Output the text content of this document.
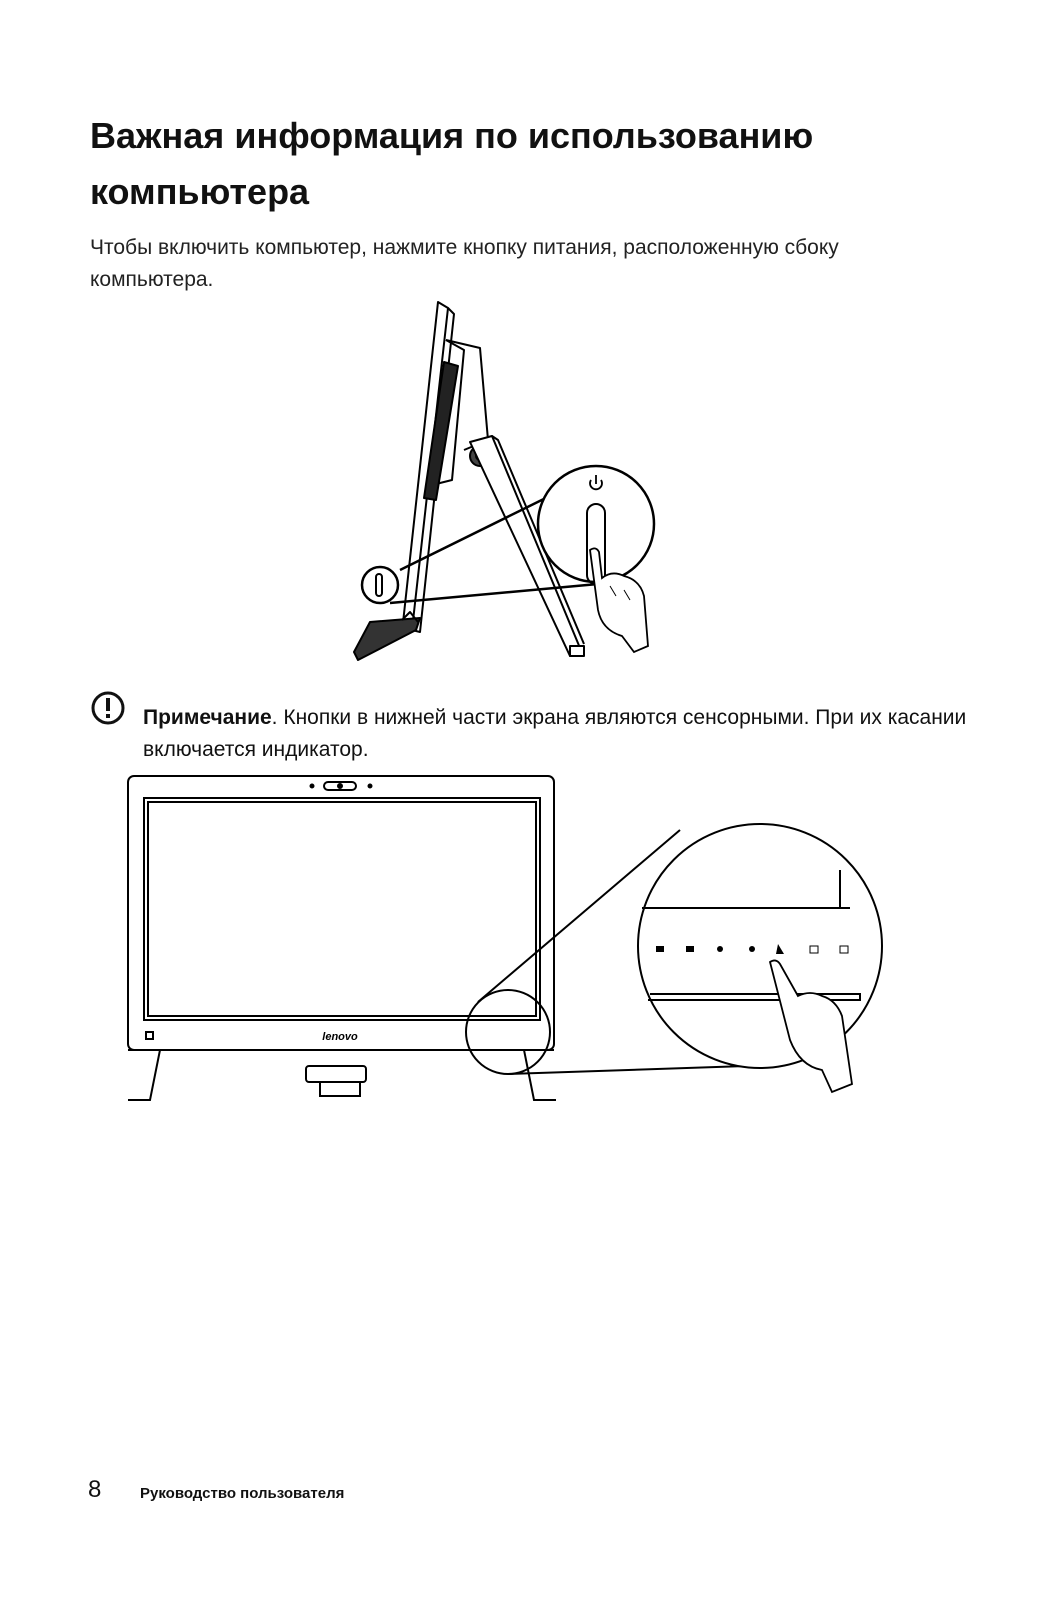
Важная информация по использованию компьютера
Чтобы включить компьютер, нажмите кнопку питания, расположенную сбоку компьютера.
Примечание. Кнопки в нижней части экрана являются сенсорными. При их касании включается индикатор.
lenovo
8	Руководство пользователя
